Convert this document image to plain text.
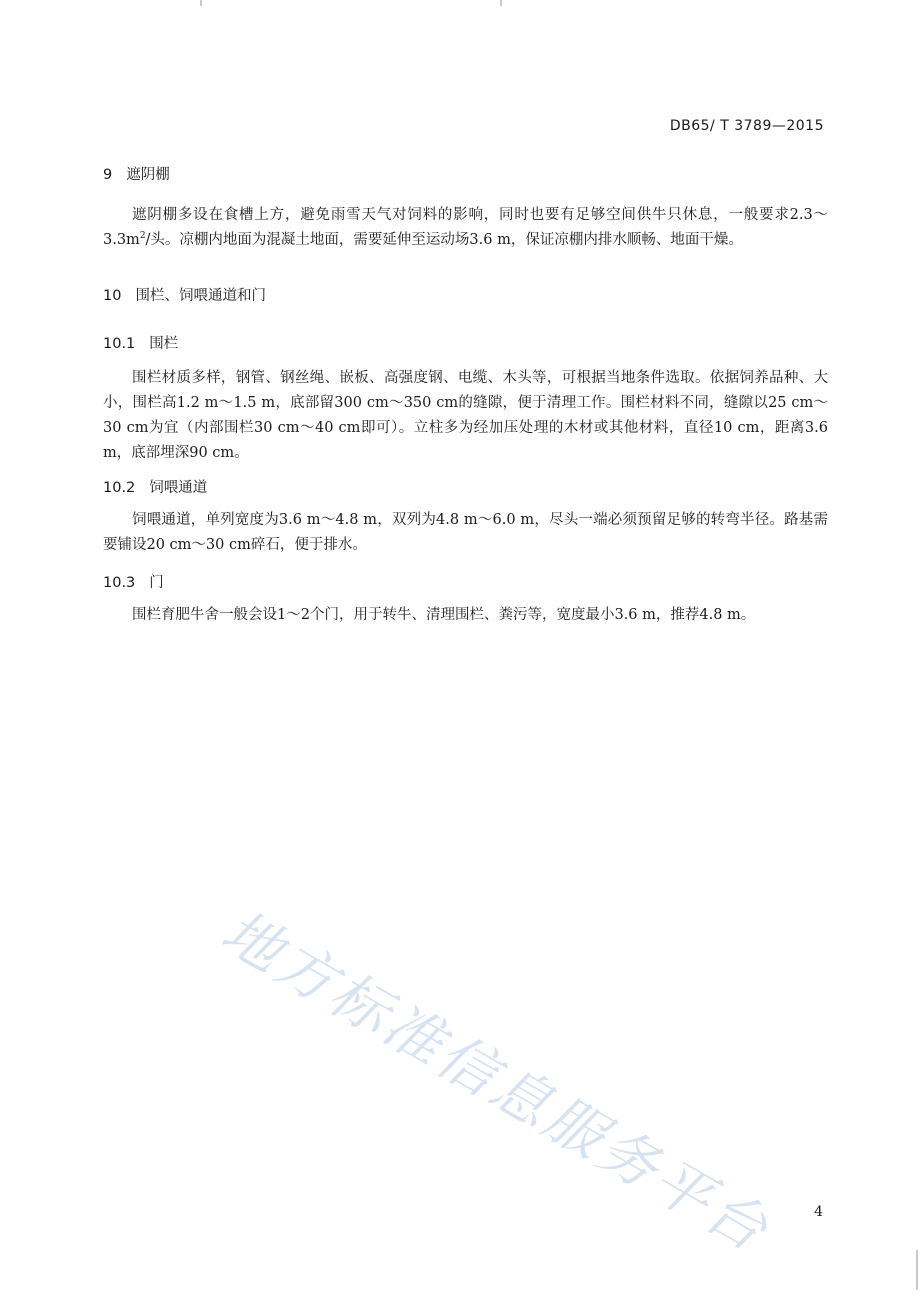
DB65/ T 3789—2015
9 遮阴棚
遮阴棚多设在食槽上方，避免雨雪天气对饲料的影响，同时也要有足够空间供牛只休息，一般要求$2.3\sim 3.3m^2/$头。凉棚内地面为混凝土地面，需要延伸至运动场3.6 m，保证凉棚内排水顺畅、地面干燥。
10 围栏、饲喂通道和门
10.1 围栏
围栏材质多样，钢管、钢丝绳、嵌板、高强度钢、电缆、木头等，可根据当地条件选取。依据饲养品种、大小，围栏高1.2 m～1.5 m，底部留300 cm～350 cm的缝隙，便于清理工作。围栏材料不同，缝隙以25 cm～30 cm为宜（内部围栏30 cm～40 cm即可）。立柱多为经加压处理的木材或其他材料，直径10 cm，距离3.6 m，底部埋深90 cm。
10.2 饲喂通道
饲喂通道，单列宽度为3.6 m～4.8 m，双列为4.8 m～6.0 m，尽头一端必须预留足够的转弯半径。路基需要铺设20 cm～30 cm碎石，便于排水。
10.3 门
围栏育肥牛舍一般会设1～2个门，用于转牛、清理围栏、粪污等，宽度最小3.6 m，推荐4.8 m。
地方标准信息服务平台	4
